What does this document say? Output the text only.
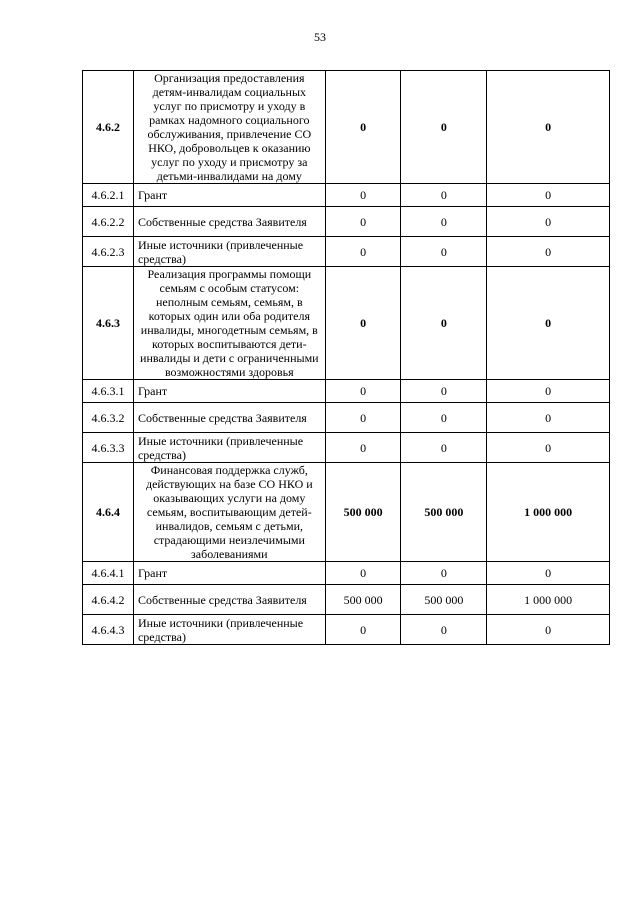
53
4.6.2	Организация предоставления детям-инвалидам социальных услуг по присмотру и уходу в рамках надомного социального обслуживания, привлечение СО НКО, добровольцев к оказанию услуг по уходу и присмотру за детьми-инвалидами на дому	0	0	0
4.6.2.1	Грант	0	0	0
4.6.2.2	Собственные средства Заявителя	0	0	0
4.6.2.3	Иные источники (привлеченные средства)	0	0	0
4.6.3	Реализация программы помощи семьям с особым статусом: неполным семьям, семьям, в которых один или оба родителя инвалиды, многодетным семьям, в которых воспитываются дети-инвалиды и дети с ограниченными возможностями здоровья	0	0	0
4.6.3.1	Грант	0	0	0
4.6.3.2	Собственные средства Заявителя	0	0	0
4.6.3.3	Иные источники (привлеченные средства)	0	0	0
4.6.4	Финансовая поддержка служб, действующих на базе СО НКО и оказывающих услуги на дому семьям, воспитывающим детей-инвалидов, семьям с детьми, страдающими неизлечимыми заболеваниями	500 000	500 000	1 000 000
4.6.4.1	Грант	0	0	0
4.6.4.2	Собственные средства Заявителя	500 000	500 000	1 000 000
4.6.4.3	Иные источники (привлеченные средства)	0	0	0
